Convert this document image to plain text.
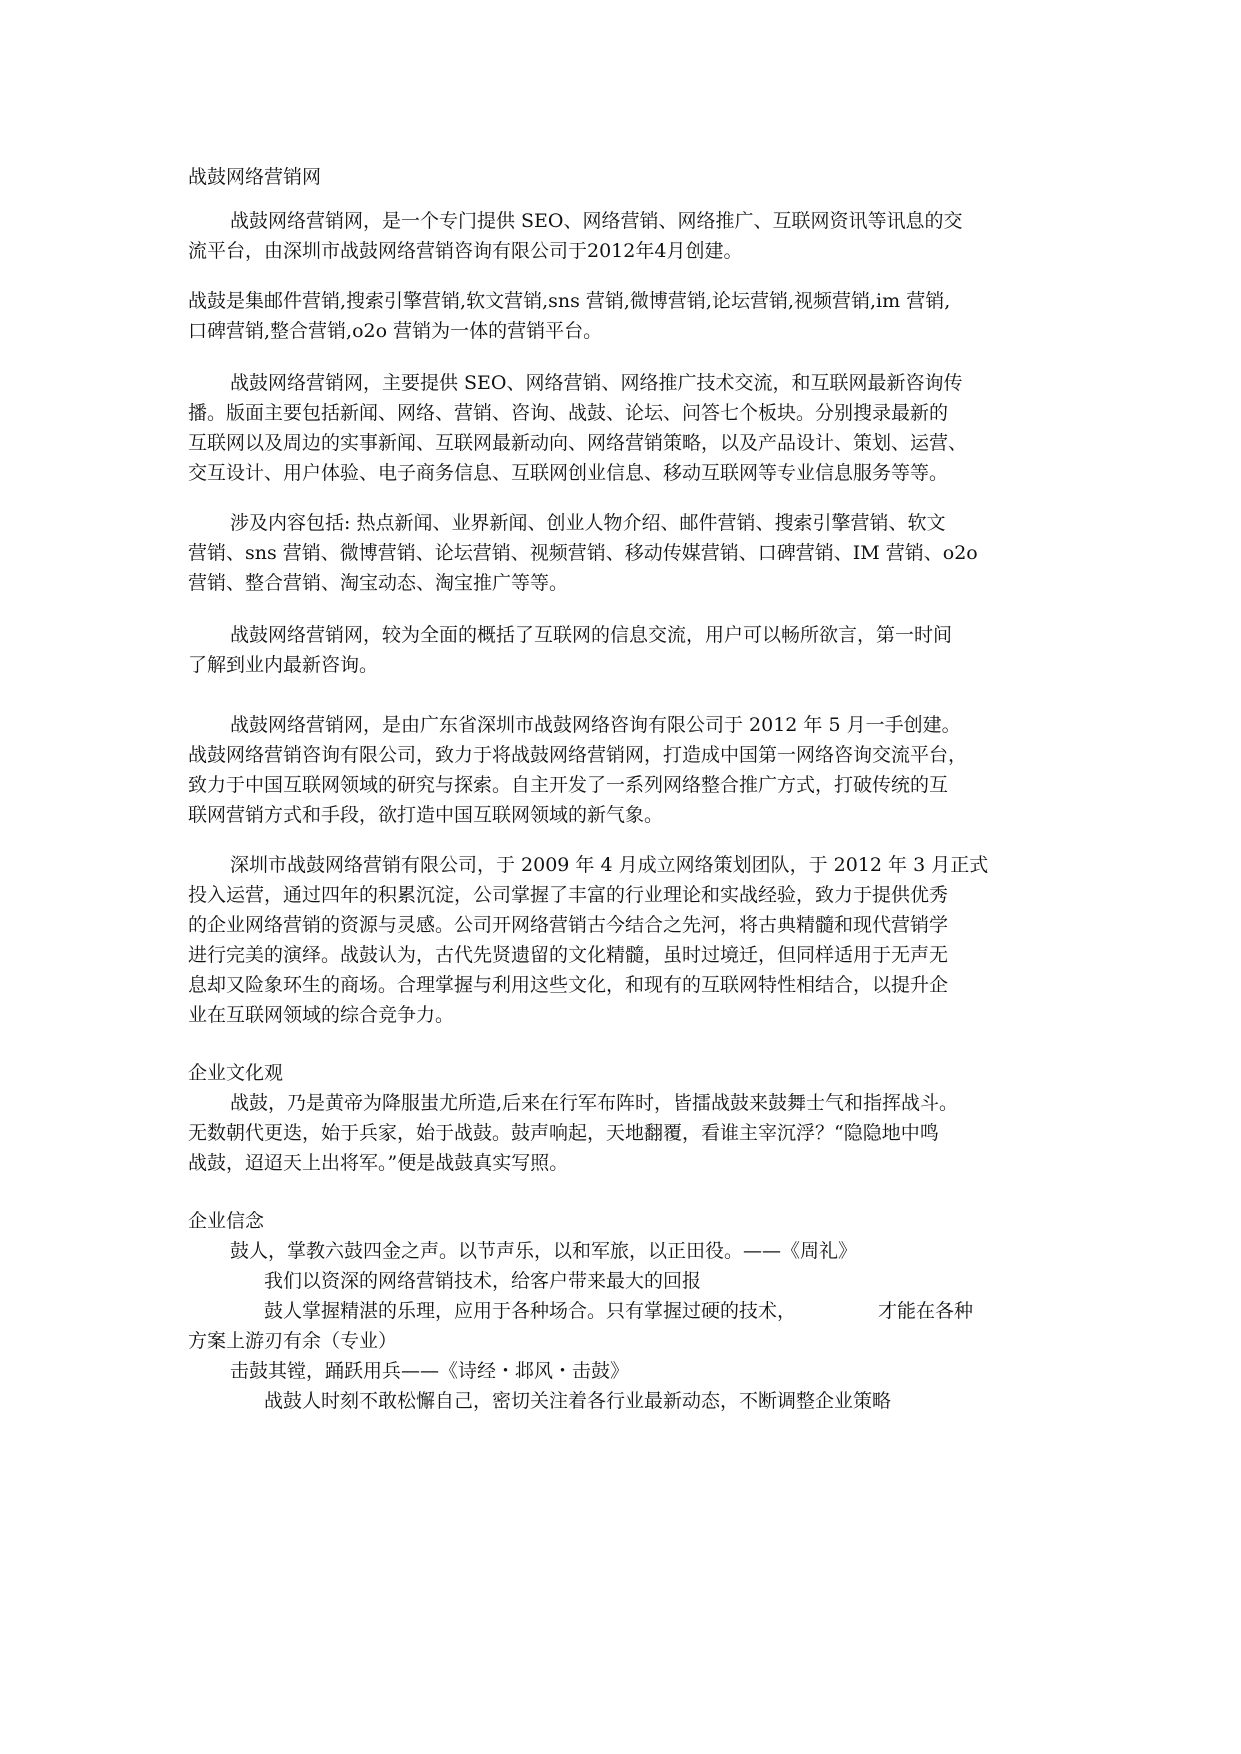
战鼓网络营销网
战鼓网络营销网，是一个专门提供 SEO、网络营销、网络推广、互联网资讯等讯息的交
流平台，由深圳市战鼓网络营销咨询有限公司于2012年4月创建。
战鼓是集邮件营销,搜索引擎营销,软文营销,sns 营销,微博营销,论坛营销,视频营销,im 营销,
口碑营销,整合营销,o2o 营销为一体的营销平台。
战鼓网络营销网，主要提供 SEO、网络营销、网络推广技术交流，和互联网最新咨询传
播。版面主要包括新闻、网络、营销、咨询、战鼓、论坛、问答七个板块。分别搜录最新的
互联网以及周边的实事新闻、互联网最新动向、网络营销策略，以及产品设计、策划、运营、
交互设计、用户体验、电子商务信息、互联网创业信息、移动互联网等专业信息服务等等。
涉及内容包括: 热点新闻、业界新闻、创业人物介绍、邮件营销、搜索引擎营销、软文
营销、sns 营销、微博营销、论坛营销、视频营销、移动传媒营销、口碑营销、IM 营销、o2o
营销、整合营销、淘宝动态、淘宝推广等等。
战鼓网络营销网，较为全面的概括了互联网的信息交流，用户可以畅所欲言，第一时间
了解到业内最新咨询。
战鼓网络营销网，是由广东省深圳市战鼓网络咨询有限公司于 2012 年 5 月一手创建。
战鼓网络营销咨询有限公司，致力于将战鼓网络营销网，打造成中国第一网络咨询交流平台，
致力于中国互联网领域的研究与探索。自主开发了一系列网络整合推广方式，打破传统的互
联网营销方式和手段，欲打造中国互联网领域的新气象。
深圳市战鼓网络营销有限公司，于 2009 年 4 月成立网络策划团队，于 2012 年 3 月正式
投入运营，通过四年的积累沉淀，公司掌握了丰富的行业理论和实战经验，致力于提供优秀
的企业网络营销的资源与灵感。公司开网络营销古今结合之先河，将古典精髓和现代营销学
进行完美的演绎。战鼓认为，古代先贤遗留的文化精髓，虽时过境迁，但同样适用于无声无
息却又险象环生的商场。合理掌握与利用这些文化，和现有的互联网特性相结合，以提升企
业在互联网领域的综合竞争力。
企业文化观
战鼓，乃是黄帝为降服蚩尤所造,后来在行军布阵时，皆擂战鼓来鼓舞士气和指挥战斗。
无数朝代更迭，始于兵家，始于战鼓。鼓声响起，天地翻覆，看谁主宰沉浮？“隐隐地中鸣
战鼓，迢迢天上出将军。”便是战鼓真实写照。
企业信念
鼓人，掌教六鼓四金之声。以节声乐，以和军旅，以正田役。——《周礼》
我们以资深的网络营销技术，给客户带来最大的回报
鼓人掌握精湛的乐理，应用于各种场合。只有掌握过硬的技术，	才能在各种
方案上游刃有余（专业）
击鼓其镗，踊跃用兵——《诗经・邶风・击鼓》
战鼓人时刻不敢松懈自己，密切关注着各行业最新动态，不断调整企业策略
